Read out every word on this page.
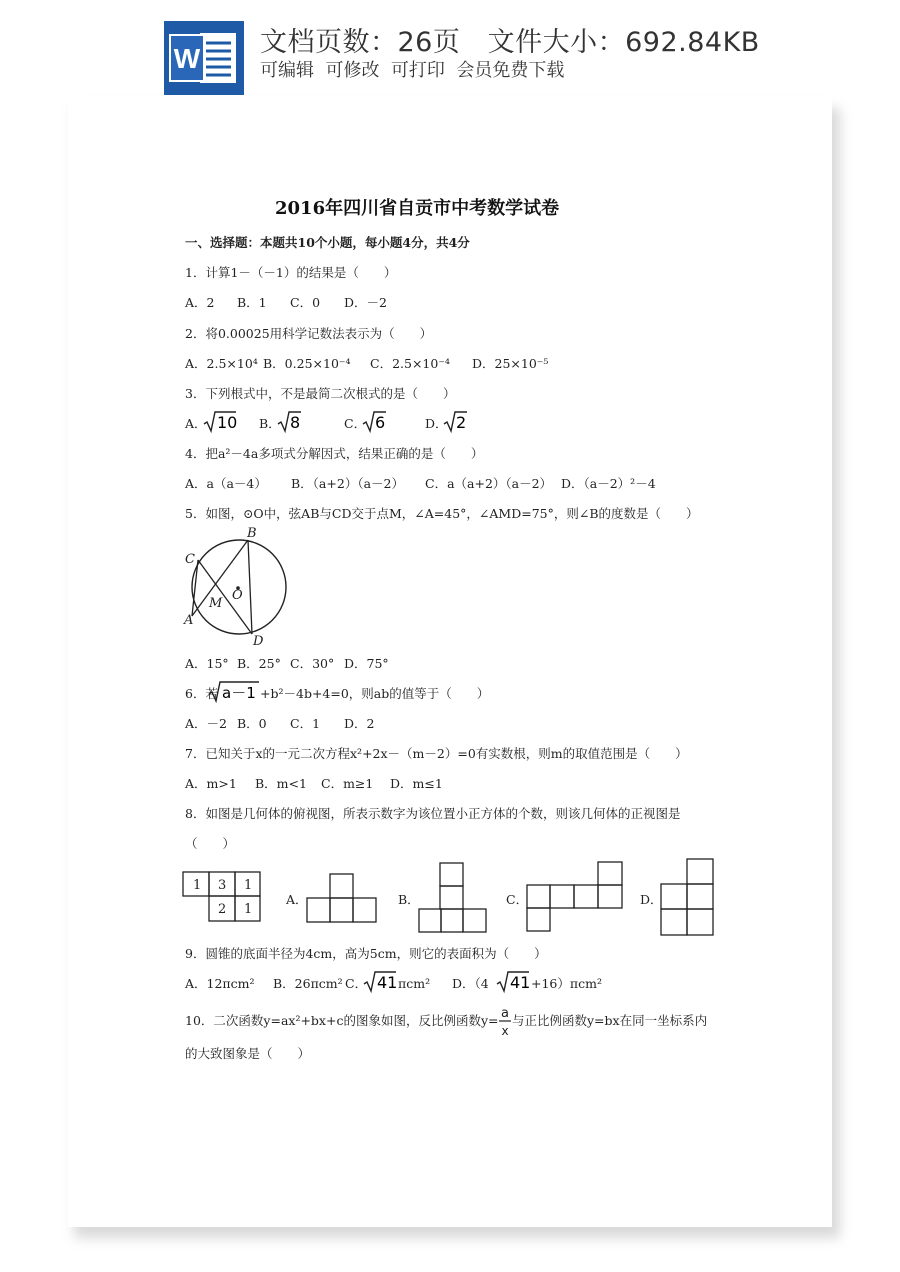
W
文档页数：26页   文件大小：692.84KB
可编辑  可修改  可打印  会员免费下载
2016年四川省自贡市中考数学试卷
一、选择题：本题共10个小题，每小题4分，共4分
1．计算1－（－1）的结果是（　　）
A．2 B．1 C．0 D．－2
2．将0.00025用科学记数法表示为（　　）
A．2.5×10⁴ B．0.25×10⁻⁴ C．2.5×10⁻⁴ D．25×10⁻⁵
3．下列根式中，不是最简二次根式的是（　　）
A． 10 B． 8	C． 6	D． 2
4．把a²－4a多项式分解因式，结果正确的是（　　）
A．a（a－4） B．（a+2）（a－2） C．a（a+2）（a－2） D．（a－2）²－4
5．如图，⊙O中，弦AB与CD交于点M，∠A=45°，∠AMD=75°，则∠B的度数是（　　）
A
B
C
D
M
O
A．15° B．25° C．30° D．75°
6．若 a－1 +b²－4b+4=0，则ab的值等于（　　）
A．－2 B．0 C．1 D．2
7．已知关于x的一元二次方程x²+2x－（m－2）=0有实数根，则m的取值范围是（　　）
A．m>1 B．m<1 C．m≥1 D．m≤1
8．如图是几何体的俯视图，所表示数字为该位置小正方体的个数，则该几何体的正视图是
（　　）
1 3 1
2 1
A．	B．	C．	D．
9．圆锥的底面半径为4cm，高为5cm，则它的表面积为（　　）
A．12πcm² B．26πcm² C． 41 πcm² D．（4 41 +16）πcm²
10．二次函数y=ax²+bx+c的图象如图，反比例函数y= a
x
与正比例函数y=bx在同一坐标系内
的大致图象是（　　）
